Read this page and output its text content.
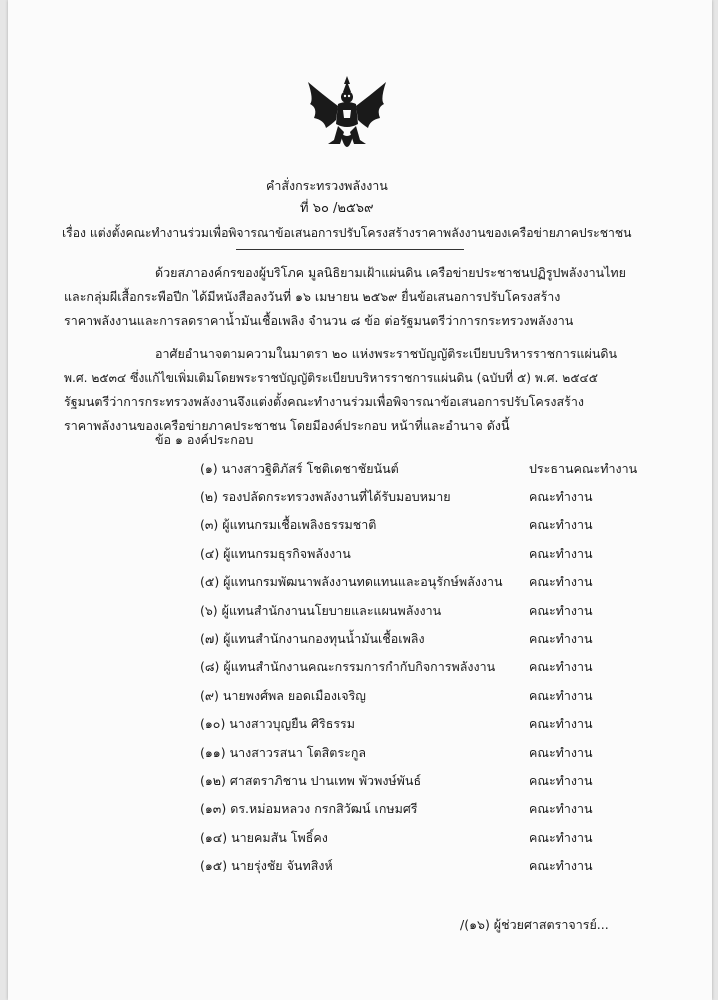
คำสั่งกระทรวงพลังงาน
ที่ ๖๐ /๒๕๖๙
เรื่อง แต่งตั้งคณะทำงานร่วมเพื่อพิจารณาข้อเสนอการปรับโครงสร้างราคาพลังงานของเครือข่ายภาคประชาชน
ด้วยสภาองค์กรของผู้บริโภค มูลนิธิยามเฝ้าแผ่นดิน เครือข่ายประชาชนปฏิรูปพลังงานไทย
และกลุ่มผีเสื้อกระพือปีก ได้มีหนังสือลงวันที่ ๑๖ เมษายน ๒๕๖๙ ยื่นข้อเสนอการปรับโครงสร้าง
ราคาพลังงานและการลดราคาน้ำมันเชื้อเพลิง จำนวน ๘ ข้อ ต่อรัฐมนตรีว่าการกระทรวงพลังงาน
อาศัยอำนาจตามความในมาตรา ๒๐ แห่งพระราชบัญญัติระเบียบบริหารราชการแผ่นดิน
พ.ศ. ๒๕๓๔ ซึ่งแก้ไขเพิ่มเติมโดยพระราชบัญญัติระเบียบบริหารราชการแผ่นดิน (ฉบับที่ ๕) พ.ศ. ๒๕๔๕
รัฐมนตรีว่าการกระทรวงพลังงานจึงแต่งตั้งคณะทำงานร่วมเพื่อพิจารณาข้อเสนอการปรับโครงสร้าง
ราคาพลังงานของเครือข่ายภาคประชาชน โดยมีองค์ประกอบ หน้าที่และอำนาจ ดังนี้
ข้อ ๑ องค์ประกอบ
(๑) นางสาวฐิติภัสร์ โชติเดชาชัยนันต์	ประธานคณะทำงาน
(๒) รองปลัดกระทรวงพลังงานที่ได้รับมอบหมาย	คณะทำงาน
(๓) ผู้แทนกรมเชื้อเพลิงธรรมชาติ	คณะทำงาน
(๔) ผู้แทนกรมธุรกิจพลังงาน	คณะทำงาน
(๕) ผู้แทนกรมพัฒนาพลังงานทดแทนและอนุรักษ์พลังงาน คณะทำงาน
(๖) ผู้แทนสำนักงานนโยบายและแผนพลังงาน	คณะทำงาน
(๗) ผู้แทนสำนักงานกองทุนน้ำมันเชื้อเพลิง	คณะทำงาน
(๘) ผู้แทนสำนักงานคณะกรรมการกำกับกิจการพลังงาน	คณะทำงาน
(๙) นายพงศ์พล ยอดเมืองเจริญ	คณะทำงาน
(๑๐) นางสาวบุญยืน ศิริธรรม	คณะทำงาน
(๑๑) นางสาวรสนา โตสิตระกูล	คณะทำงาน
(๑๒) ศาสตราภิชาน ปานเทพ พัวพงษ์พันธ์	คณะทำงาน
(๑๓) ดร.หม่อมหลวง กรกสิวัฒน์ เกษมศรี	คณะทำงาน
(๑๔) นายคมสัน โพธิ์คง	คณะทำงาน
(๑๕) นายรุ่งชัย จันทสิงห์	คณะทำงาน
/(๑๖) ผู้ช่วยศาสตราจารย์...
